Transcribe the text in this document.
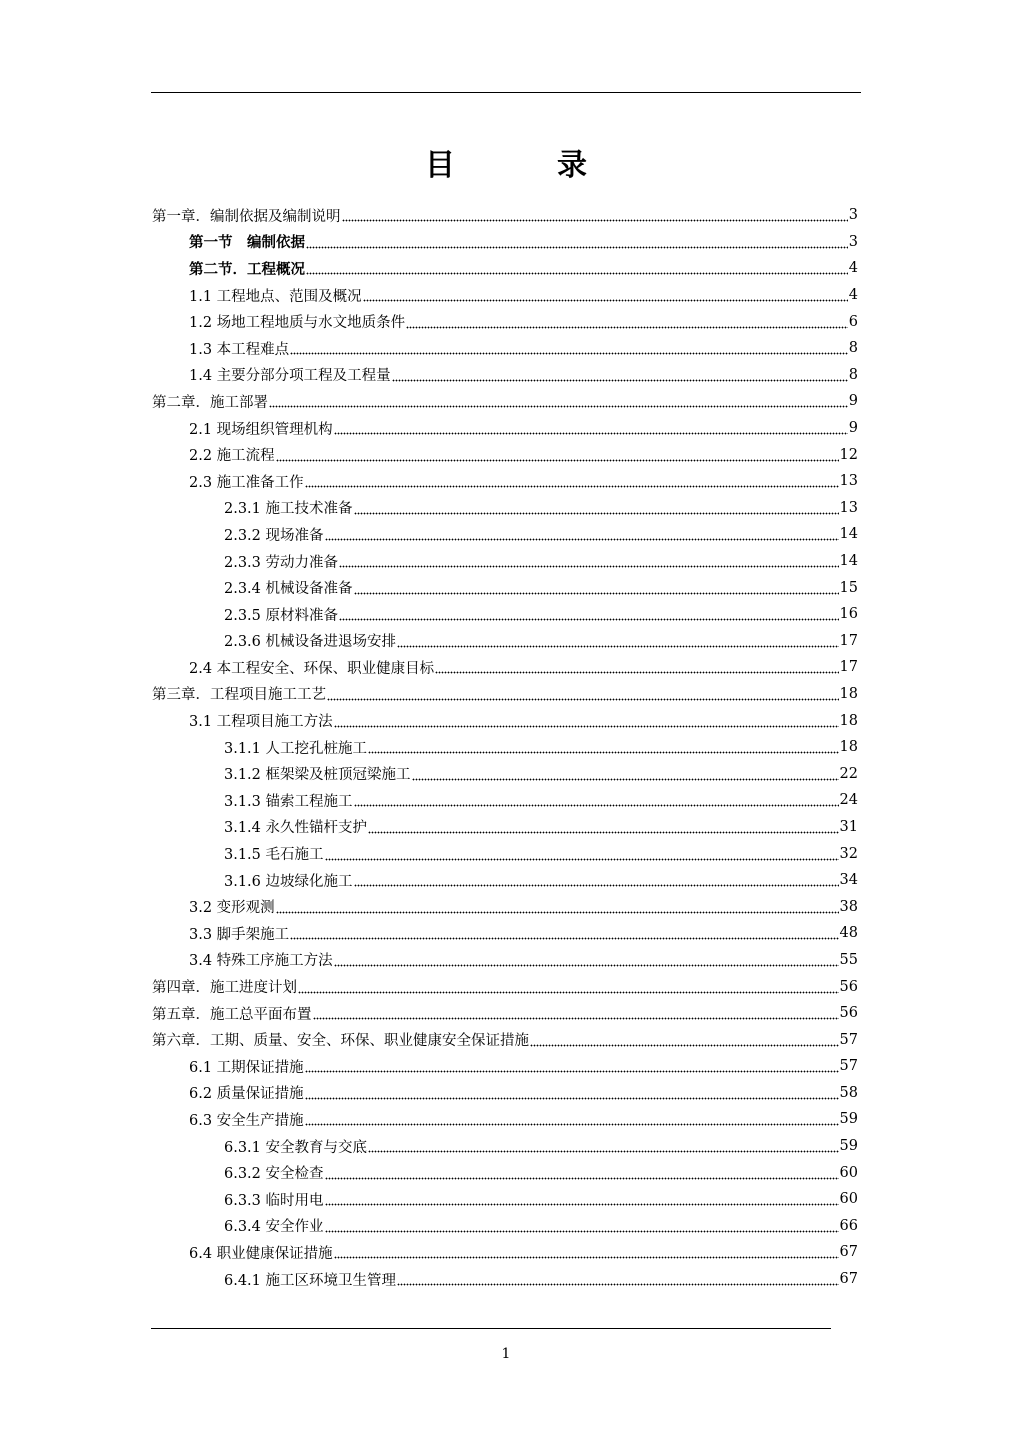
目	录
第一章．编制依据及编制说明	3
第一节　编制依据	3
第二节．工程概况	4
1.1 工程地点、范围及概况	4
1.2 场地工程地质与水文地质条件	6
1.3 本工程难点	8
1.4 主要分部分项工程及工程量	8
第二章．施工部署	9
2.1 现场组织管理机构	9
2.2 施工流程	12
2.3 施工准备工作	13
2.3.1 施工技术准备	13
2.3.2 现场准备	14
2.3.3 劳动力准备	14
2.3.4 机械设备准备	15
2.3.5 原材料准备	16
2.3.6 机械设备进退场安排	17
2.4 本工程安全、环保、职业健康目标	17
第三章．工程项目施工工艺	18
3.1 工程项目施工方法	18
3.1.1 人工挖孔桩施工	18
3.1.2 框架梁及桩顶冠梁施工	22
3.1.3 锚索工程施工	24
3.1.4 永久性锚杆支护	31
3.1.5 毛石施工	32
3.1.6 边坡绿化施工	34
3.2 变形观测	38
3.3 脚手架施工	48
3.4 特殊工序施工方法	55
第四章．施工进度计划	56
第五章．施工总平面布置	56
第六章．工期、质量、安全、环保、职业健康安全保证措施	57
6.1 工期保证措施	57
6.2 质量保证措施	58
6.3 安全生产措施	59
6.3.1 安全教育与交底	59
6.3.2 安全检查	60
6.3.3 临时用电	60
6.3.4 安全作业	66
6.4 职业健康保证措施	67
6.4.1 施工区环境卫生管理	67
1
